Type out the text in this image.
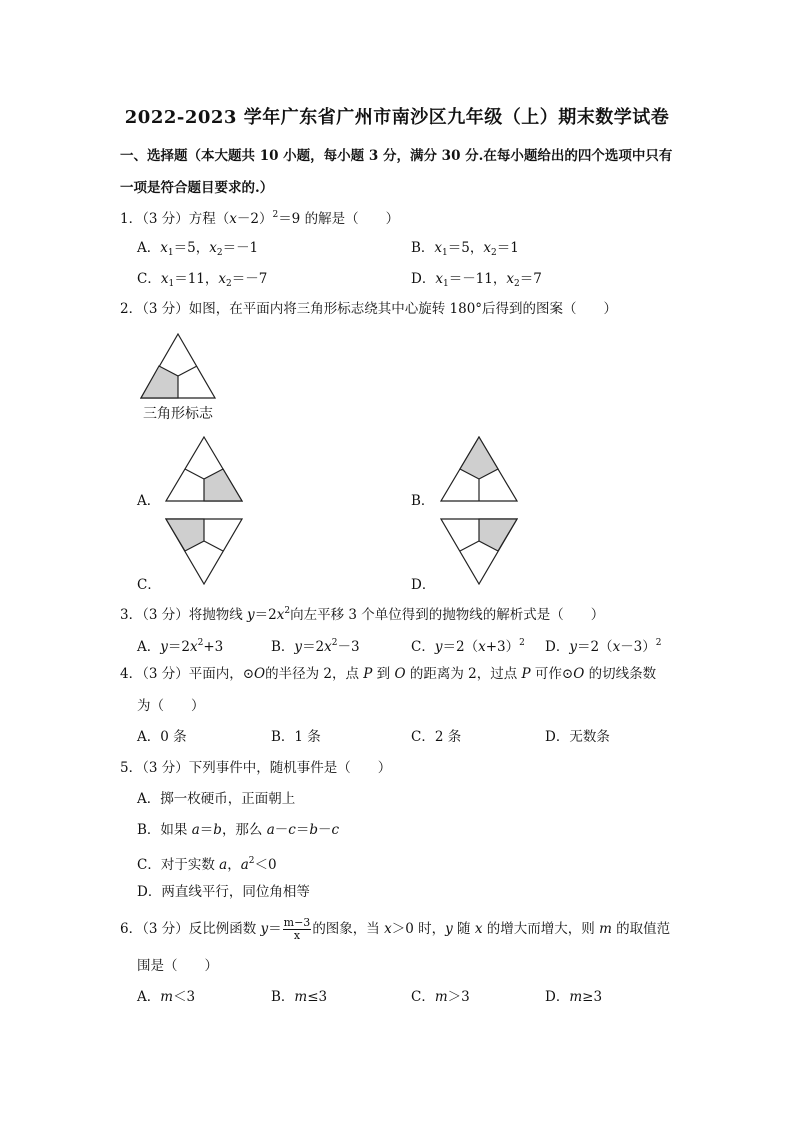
2022-2023 学年广东省广州市南沙区九年级（上）期末数学试卷
一、选择题（本大题共 10 小题，每小题 3 分，满分 30 分.在每小题给出的四个选项中只有
一项是符合题目要求的.）
1．（3 分）方程$(x-2)^2=9$ 的解是（　　）
A．$x_1=5$，$x_2=-1$	B．$x_1=5$，$x_2=1$
C．$x_1=11$，$x_2=-7$	D．$x_1=-11$，$x_2=7$
2．（3 分）如图，在平面内将三角形标志绕其中心旋转 180°后得到的图案（　　）
三角形标志
A．	B．
C．	D．
3．（3 分）将抛物线 $y=2x^2$向左平移 3 个单位得到的抛物线的解析式是（　　）
A．$y=2x^2+3$	B．$y=2x^2-3$	C．$y=2(x+3)^2$ D．$y=2(x-3)^2$
4．（3 分）平面内，⊙O的半径为 2，点 P 到 O 的距离为 2，过点 P 可作⊙O 的切线条数
为（　　）
A．0 条	B．1 条	C．2 条	D．无数条
5．（3 分）下列事件中，随机事件是（　　）
A．掷一枚硬币，正面朝上
B．如果 a＝b，那么 a－c＝b－c
C．对于实数 a，$a^2<0$
D．两直线平行，同位角相等
6．（3 分）反比例函数 $y= \frac{m-3}{x}$ 的图象，当 x＞0 时，y 随 x 的增大而增大，则 m 的取值范
围是（　　）
A．m＜3	B．m≤3	C．m＞3	D．m≥3
